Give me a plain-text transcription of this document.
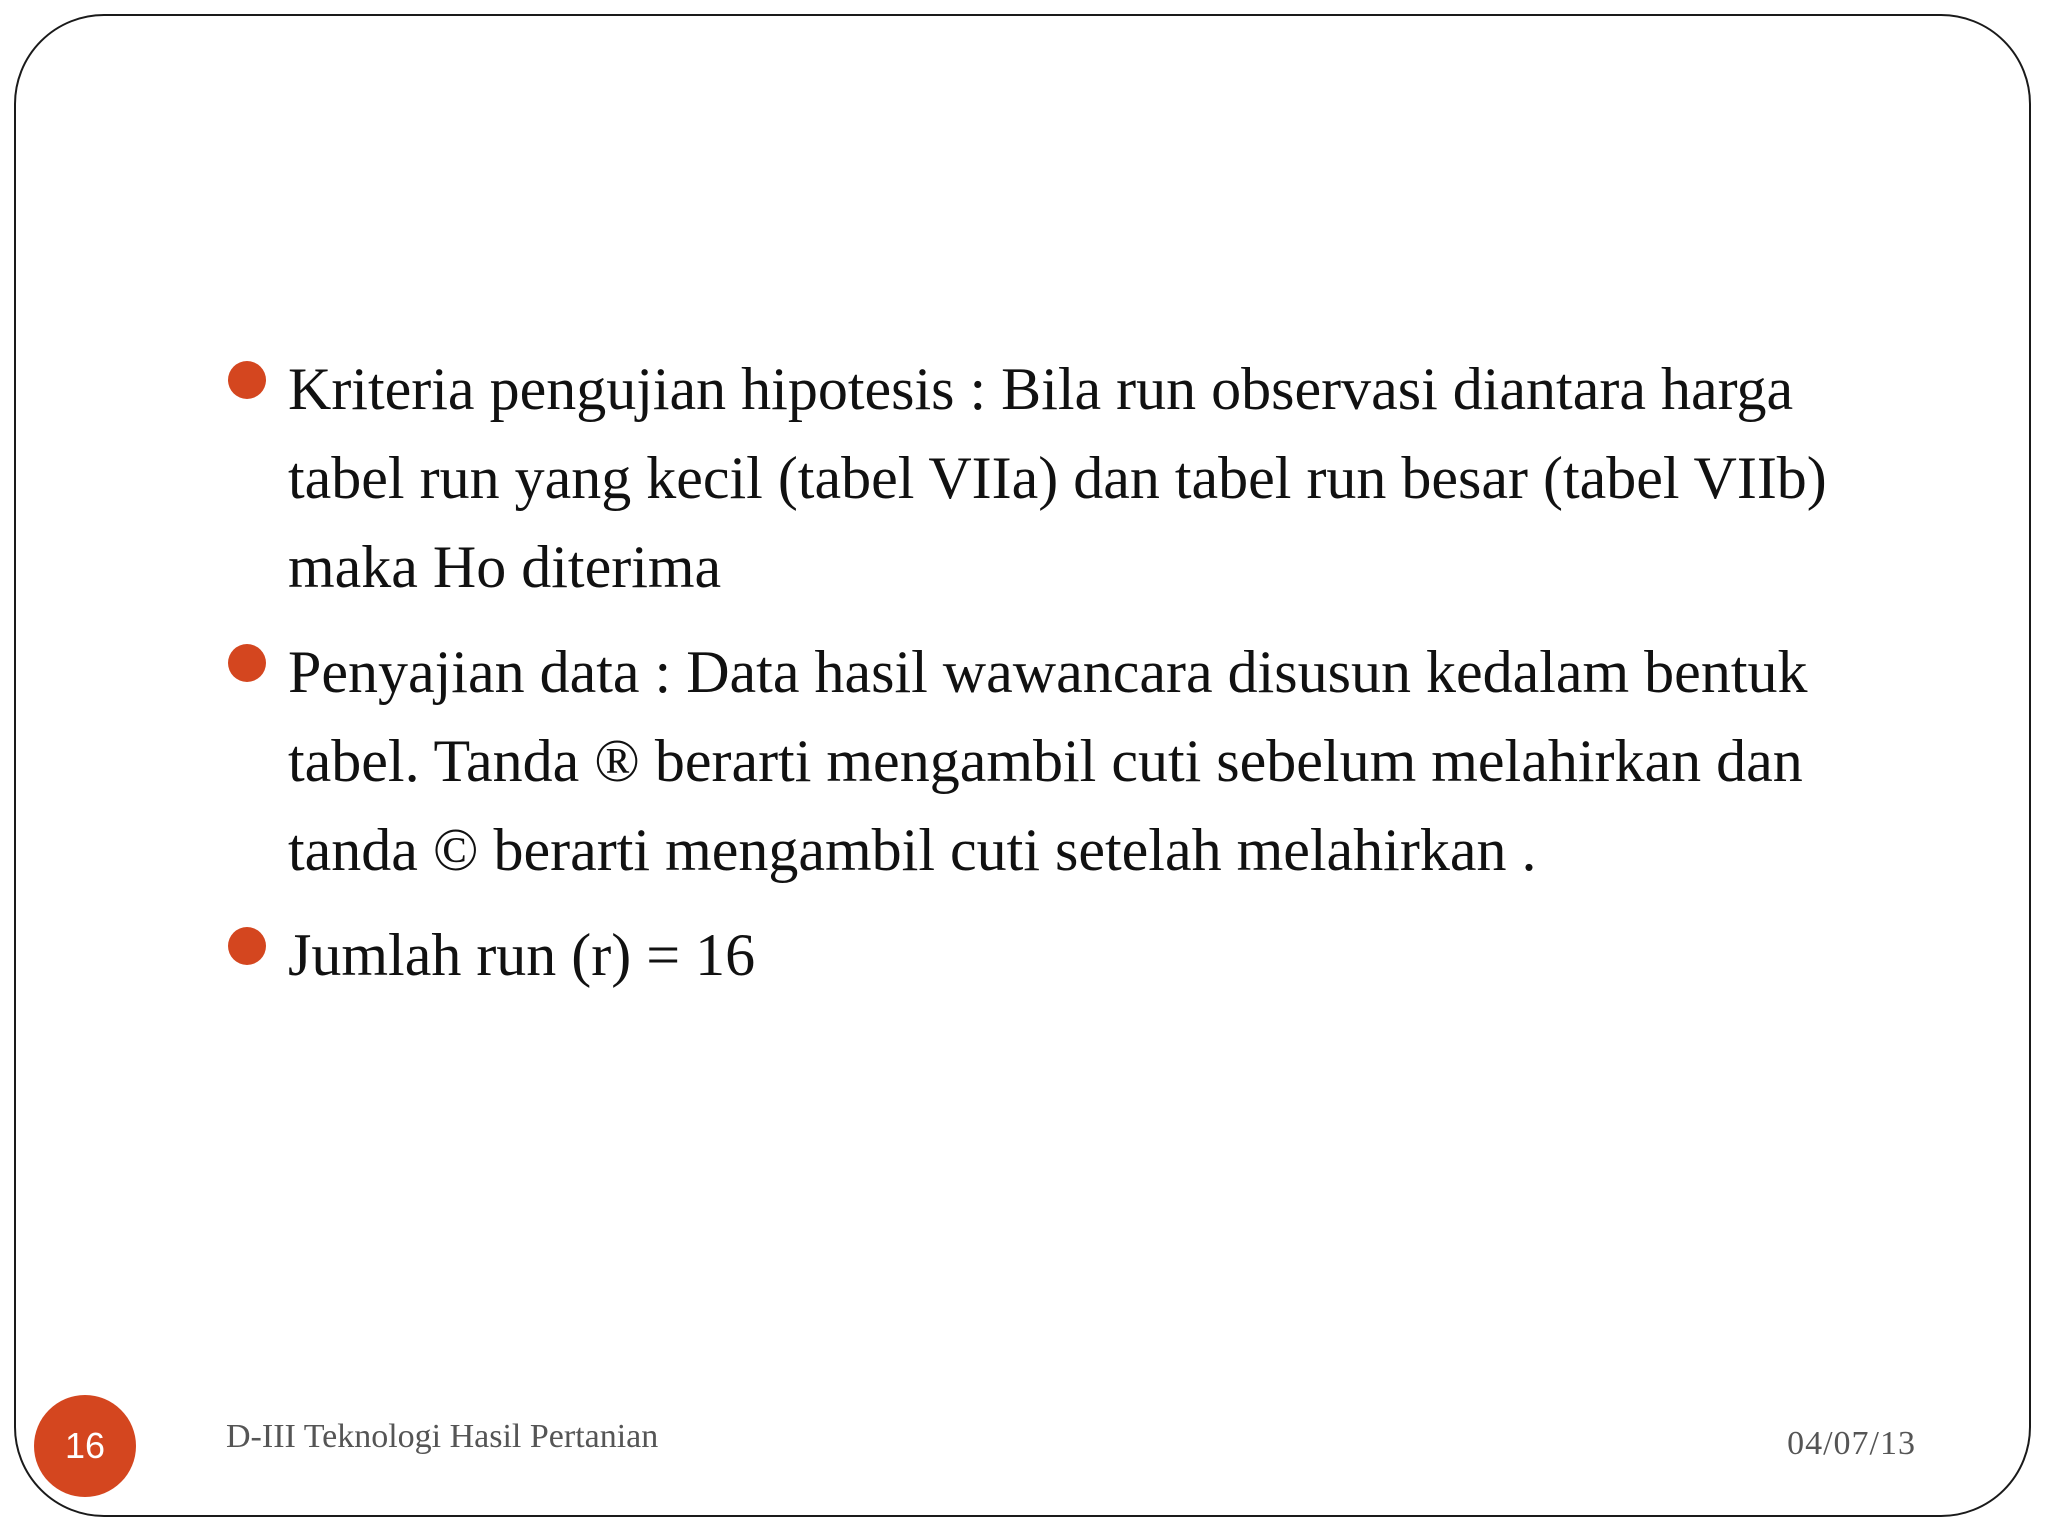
Kriteria pengujian hipotesis : Bila run observasi diantara harga tabel run yang kecil (tabel VIIa) dan tabel run besar (tabel VIIb) maka Ho diterima
Penyajian data : Data hasil wawancara disusun kedalam bentuk tabel. Tanda ® berarti mengambil cuti sebelum melahirkan dan tanda © berarti mengambil cuti setelah melahirkan .
Jumlah run (r) = 16
16	D-III Teknologi Hasil Pertanian	04/07/13
